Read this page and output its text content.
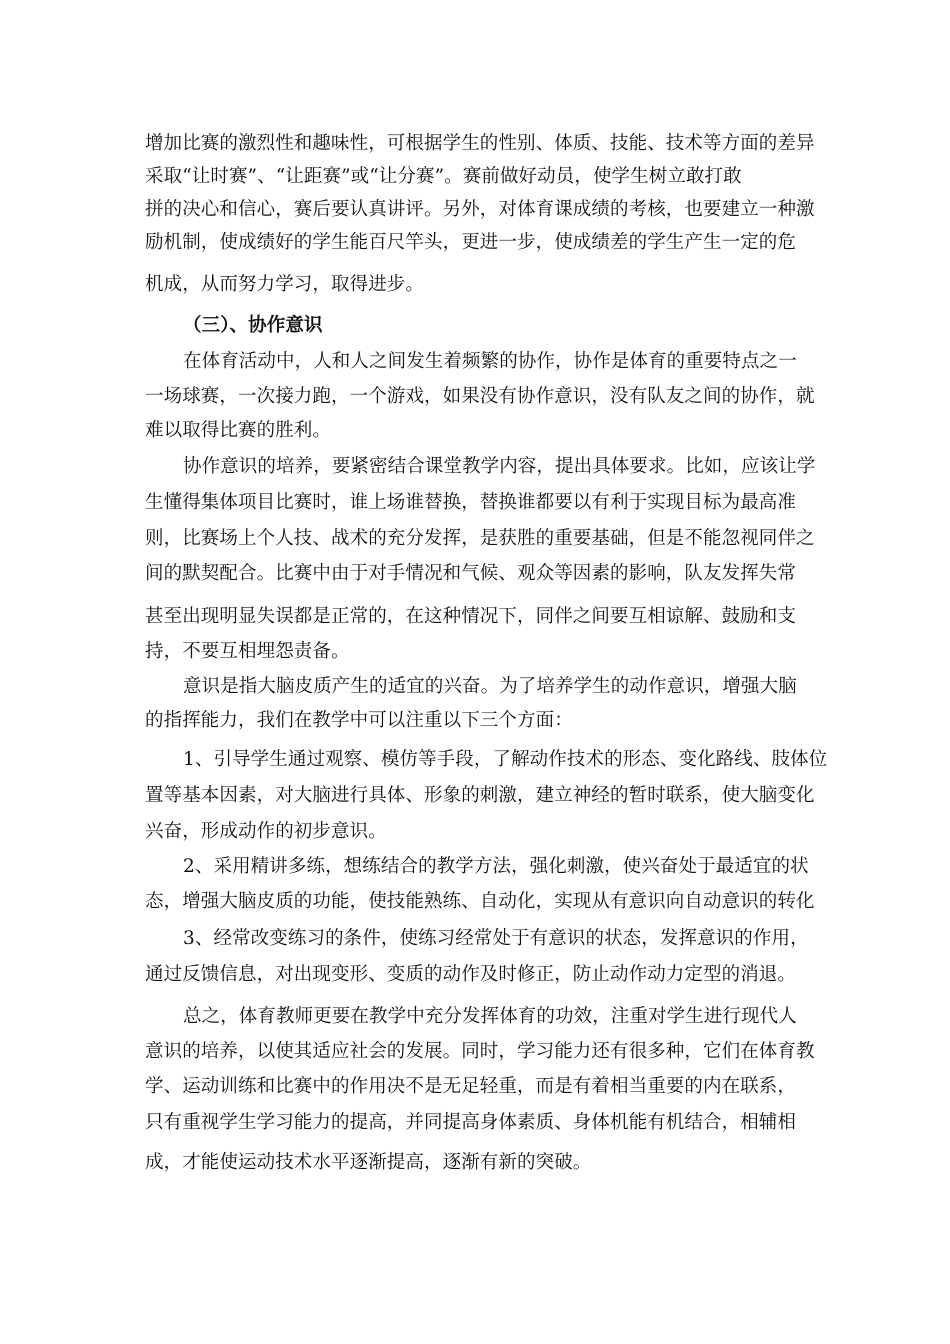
增加比赛的激烈性和趣味性，可根据学生的性别、体质、技能、技术等方面的差异
采取“让时赛”、“让距赛”或“让分赛”。赛前做好动员，使学生树立敢打敢
拼的决心和信心，赛后要认真讲评。另外，对体育课成绩的考核，也要建立一种激
励机制，使成绩好的学生能百尺竿头，更进一步，使成绩差的学生产生一定的危
机成，从而努力学习，取得进步。
（三）、协作意识
在体育活动中，人和人之间发生着频繁的协作，协作是体育的重要特点之一
一场球赛，一次接力跑，一个游戏，如果没有协作意识，没有队友之间的协作，就
难以取得比赛的胜利。
协作意识的培养，要紧密结合课堂教学内容，提出具体要求。比如，应该让学
生懂得集体项目比赛时，谁上场谁替换，替换谁都要以有利于实现目标为最高准
则，比赛场上个人技、战术的充分发挥，是获胜的重要基础，但是不能忽视同伴之
间的默契配合。比赛中由于对手情况和气候、观众等因素的影响，队友发挥失常
甚至出现明显失误都是正常的，在这种情况下，同伴之间要互相谅解、鼓励和支
持，不要互相埋怨责备。
意识是指大脑皮质产生的适宜的兴奋。为了培养学生的动作意识，增强大脑
的指挥能力，我们在教学中可以注重以下三个方面：
1、引导学生通过观察、模仿等手段，了解动作技术的形态、变化路线、肢体位
置等基本因素，对大脑进行具体、形象的刺激，建立神经的暂时联系，使大脑变化
兴奋，形成动作的初步意识。
2、采用精讲多练，想练结合的教学方法，强化刺激，使兴奋处于最适宜的状
态，增强大脑皮质的功能，使技能熟练、自动化，实现从有意识向自动意识的转化
3、经常改变练习的条件，使练习经常处于有意识的状态，发挥意识的作用，
通过反馈信息，对出现变形、变质的动作及时修正，防止动作动力定型的消退。
总之，体育教师更要在教学中充分发挥体育的功效，注重对学生进行现代人
意识的培养，以使其适应社会的发展。同时，学习能力还有很多种，它们在体育教
学、运动训练和比赛中的作用决不是无足轻重，而是有着相当重要的内在联系，
只有重视学生学习能力的提高，并同提高身体素质、身体机能有机结合，相辅相
成，才能使运动技术水平逐渐提高，逐渐有新的突破。
